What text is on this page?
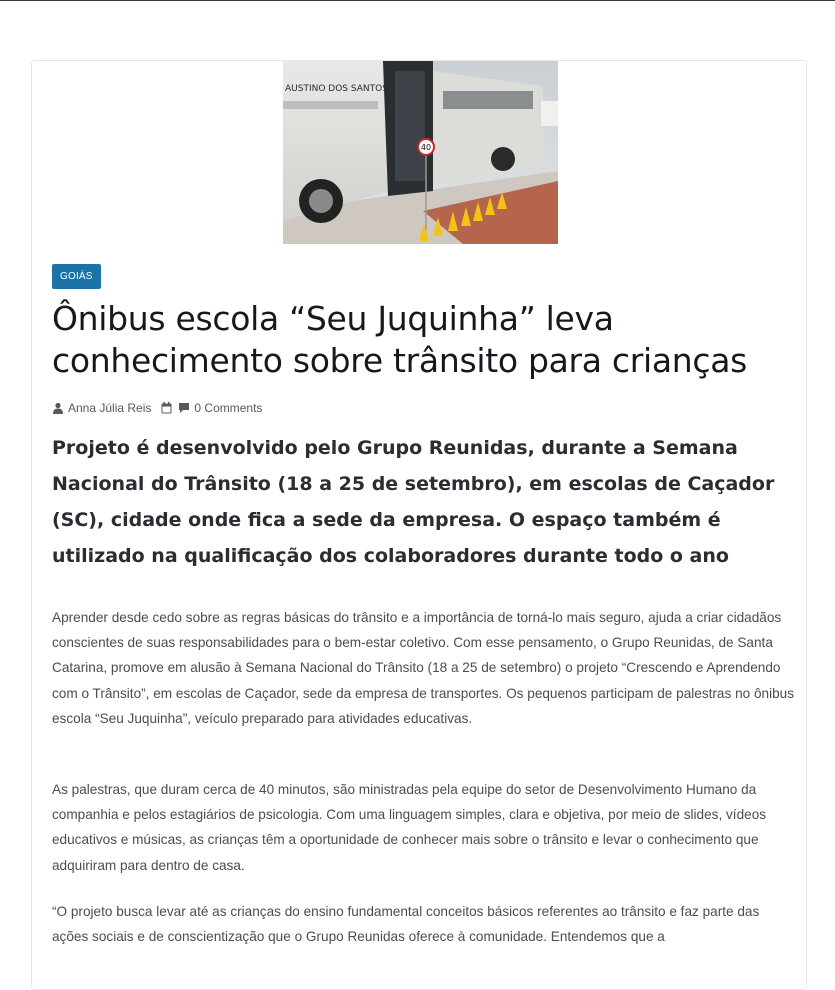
40
AUSTINO DOS SANTOS
GOIÁS
Ônibus escola “Seu Juquinha” leva conhecimento sobre trânsito para crianças
Anna Júlia Reis	0 Comments

Projeto é desenvolvido pelo Grupo Reunidas, durante a Semana Nacional do Trânsito (18 a 25 de setembro), em escolas de Caçador (SC), cidade onde fica a sede da empresa. O espaço também é utilizado na qualificação dos colaboradores durante todo o ano

Aprender desde cedo sobre as regras básicas do trânsito e a importância de torná-lo mais seguro, ajuda a criar cidadãos conscientes de suas responsabilidades para o bem-estar coletivo. Com esse pensamento, o Grupo Reunidas, de Santa Catarina, promove em alusão à Semana Nacional do Trânsito (18 a 25 de setembro) o projeto “Crescendo e Aprendendo com o Trânsito”, em escolas de Caçador, sede da empresa de transportes. Os pequenos participam de palestras no ônibus escola “Seu Juquinha”, veículo preparado para atividades educativas.

As palestras, que duram cerca de 40 minutos, são ministradas pela equipe do setor de Desenvolvimento Humano da companhia e pelos estagiários de psicologia. Com uma linguagem simples, clara e objetiva, por meio de slides, vídeos educativos e músicas, as crianças têm a oportunidade de conhecer mais sobre o trânsito e levar o conhecimento que adquiriram para dentro de casa.

“O projeto busca levar até as crianças do ensino fundamental conceitos básicos referentes ao trânsito e faz parte das ações sociais e de conscientização que o Grupo Reunidas oferece à comunidade. Entendemos que a
